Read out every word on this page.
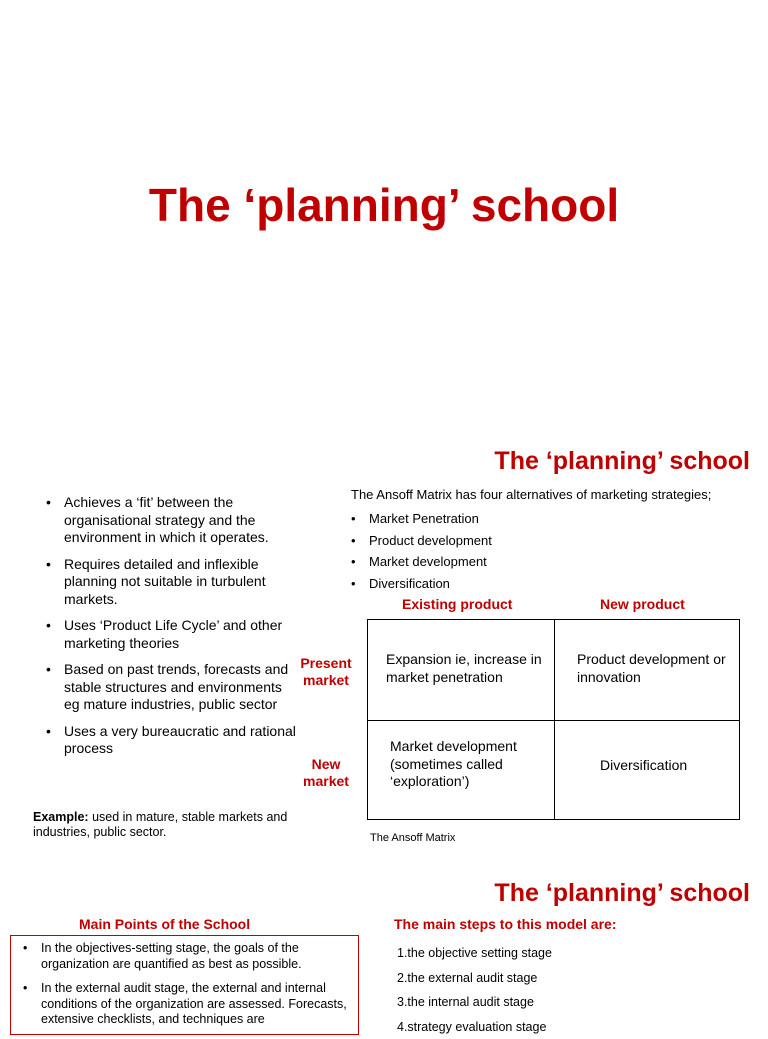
The ‘planning’ school
The ‘planning’ school
• Achieves a ‘fit’ between the organisational strategy and the environment in which it operates.
• Requires detailed and inflexible planning not suitable in turbulent markets.
• Uses ‘Product Life Cycle’ and other marketing theories
• Based on past trends, forecasts and stable structures and environments eg mature industries, public sector
• Uses a very bureaucratic and rational process
Example: used in mature, stable markets and industries, public sector.
The Ansoff Matrix has four alternatives of marketing strategies;
• Market Penetration
• Product development
• Market development
• Diversification
Existing product	New product
Present market
New market
Expansion ie, increase in market penetration
Product development or innovation
Market development (sometimes called ‘exploration’)
Diversification
The Ansoff Matrix
The ‘planning’ school
Main Points of the School	The main steps to this model are:
• In the objectives-setting stage, the goals of the organization are quantified as best as possible.
• In the external audit stage, the external and internal conditions of the organization are assessed. Forecasts, extensive checklists, and techniques are
1.the objective setting stage
2.the external audit stage
3.the internal audit stage
4.strategy evaluation stage
